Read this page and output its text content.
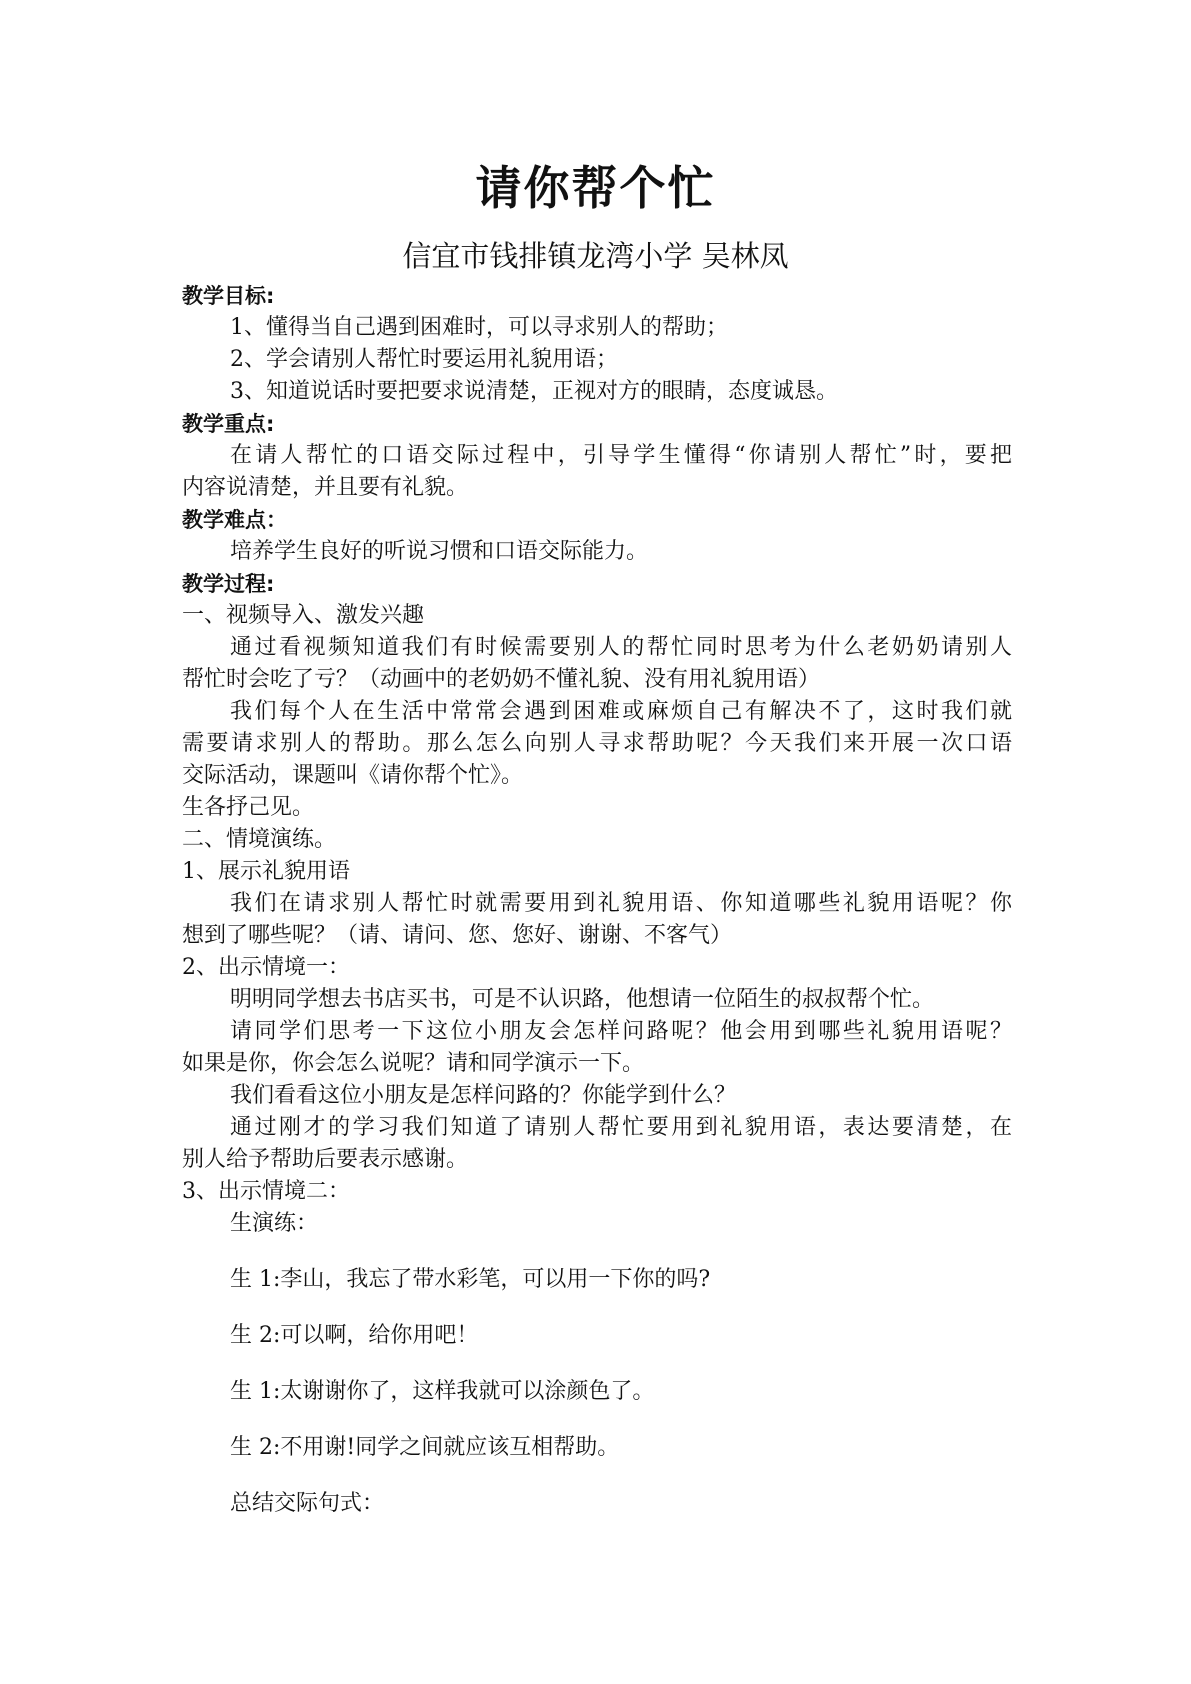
请你帮个忙
信宜市钱排镇龙湾小学 吴林凤
教学目标:
1、懂得当自己遇到困难时，可以寻求别人的帮助；
2、学会请别人帮忙时要运用礼貌用语；
3、知道说话时要把要求说清楚，正视对方的眼睛，态度诚恳。
教学重点:
在请人帮忙的口语交际过程中，引导学生懂得“你请别人帮忙”时，要把
内容说清楚，并且要有礼貌。
教学难点：
培养学生良好的听说习惯和口语交际能力。
教学过程:
一、视频导入、激发兴趣
通过看视频知道我们有时候需要别人的帮忙同时思考为什么老奶奶请别人
帮忙时会吃了亏？（动画中的老奶奶不懂礼貌、没有用礼貌用语）
我们每个人在生活中常常会遇到困难或麻烦自己有解决不了，这时我们就
需要请求别人的帮助。那么怎么向别人寻求帮助呢？今天我们来开展一次口语
交际活动，课题叫《请你帮个忙》。
生各抒己见。
二、情境演练。
1、展示礼貌用语
我们在请求别人帮忙时就需要用到礼貌用语、你知道哪些礼貌用语呢？你
想到了哪些呢？（请、请问、您、您好、谢谢、不客气）
2、出示情境一：
明明同学想去书店买书，可是不认识路，他想请一位陌生的叔叔帮个忙。
请同学们思考一下这位小朋友会怎样问路呢？他会用到哪些礼貌用语呢？
如果是你，你会怎么说呢？请和同学演示一下。
我们看看这位小朋友是怎样问路的？你能学到什么？
通过刚才的学习我们知道了请别人帮忙要用到礼貌用语，表达要清楚，在
别人给予帮助后要表示感谢。
3、出示情境二：
生演练：
生 1:李山，我忘了带水彩笔，可以用一下你的吗?
生 2:可以啊，给你用吧！
生 1:太谢谢你了，这样我就可以涂颜色了。
生 2:不用谢!同学之间就应该互相帮助。
总结交际句式：
